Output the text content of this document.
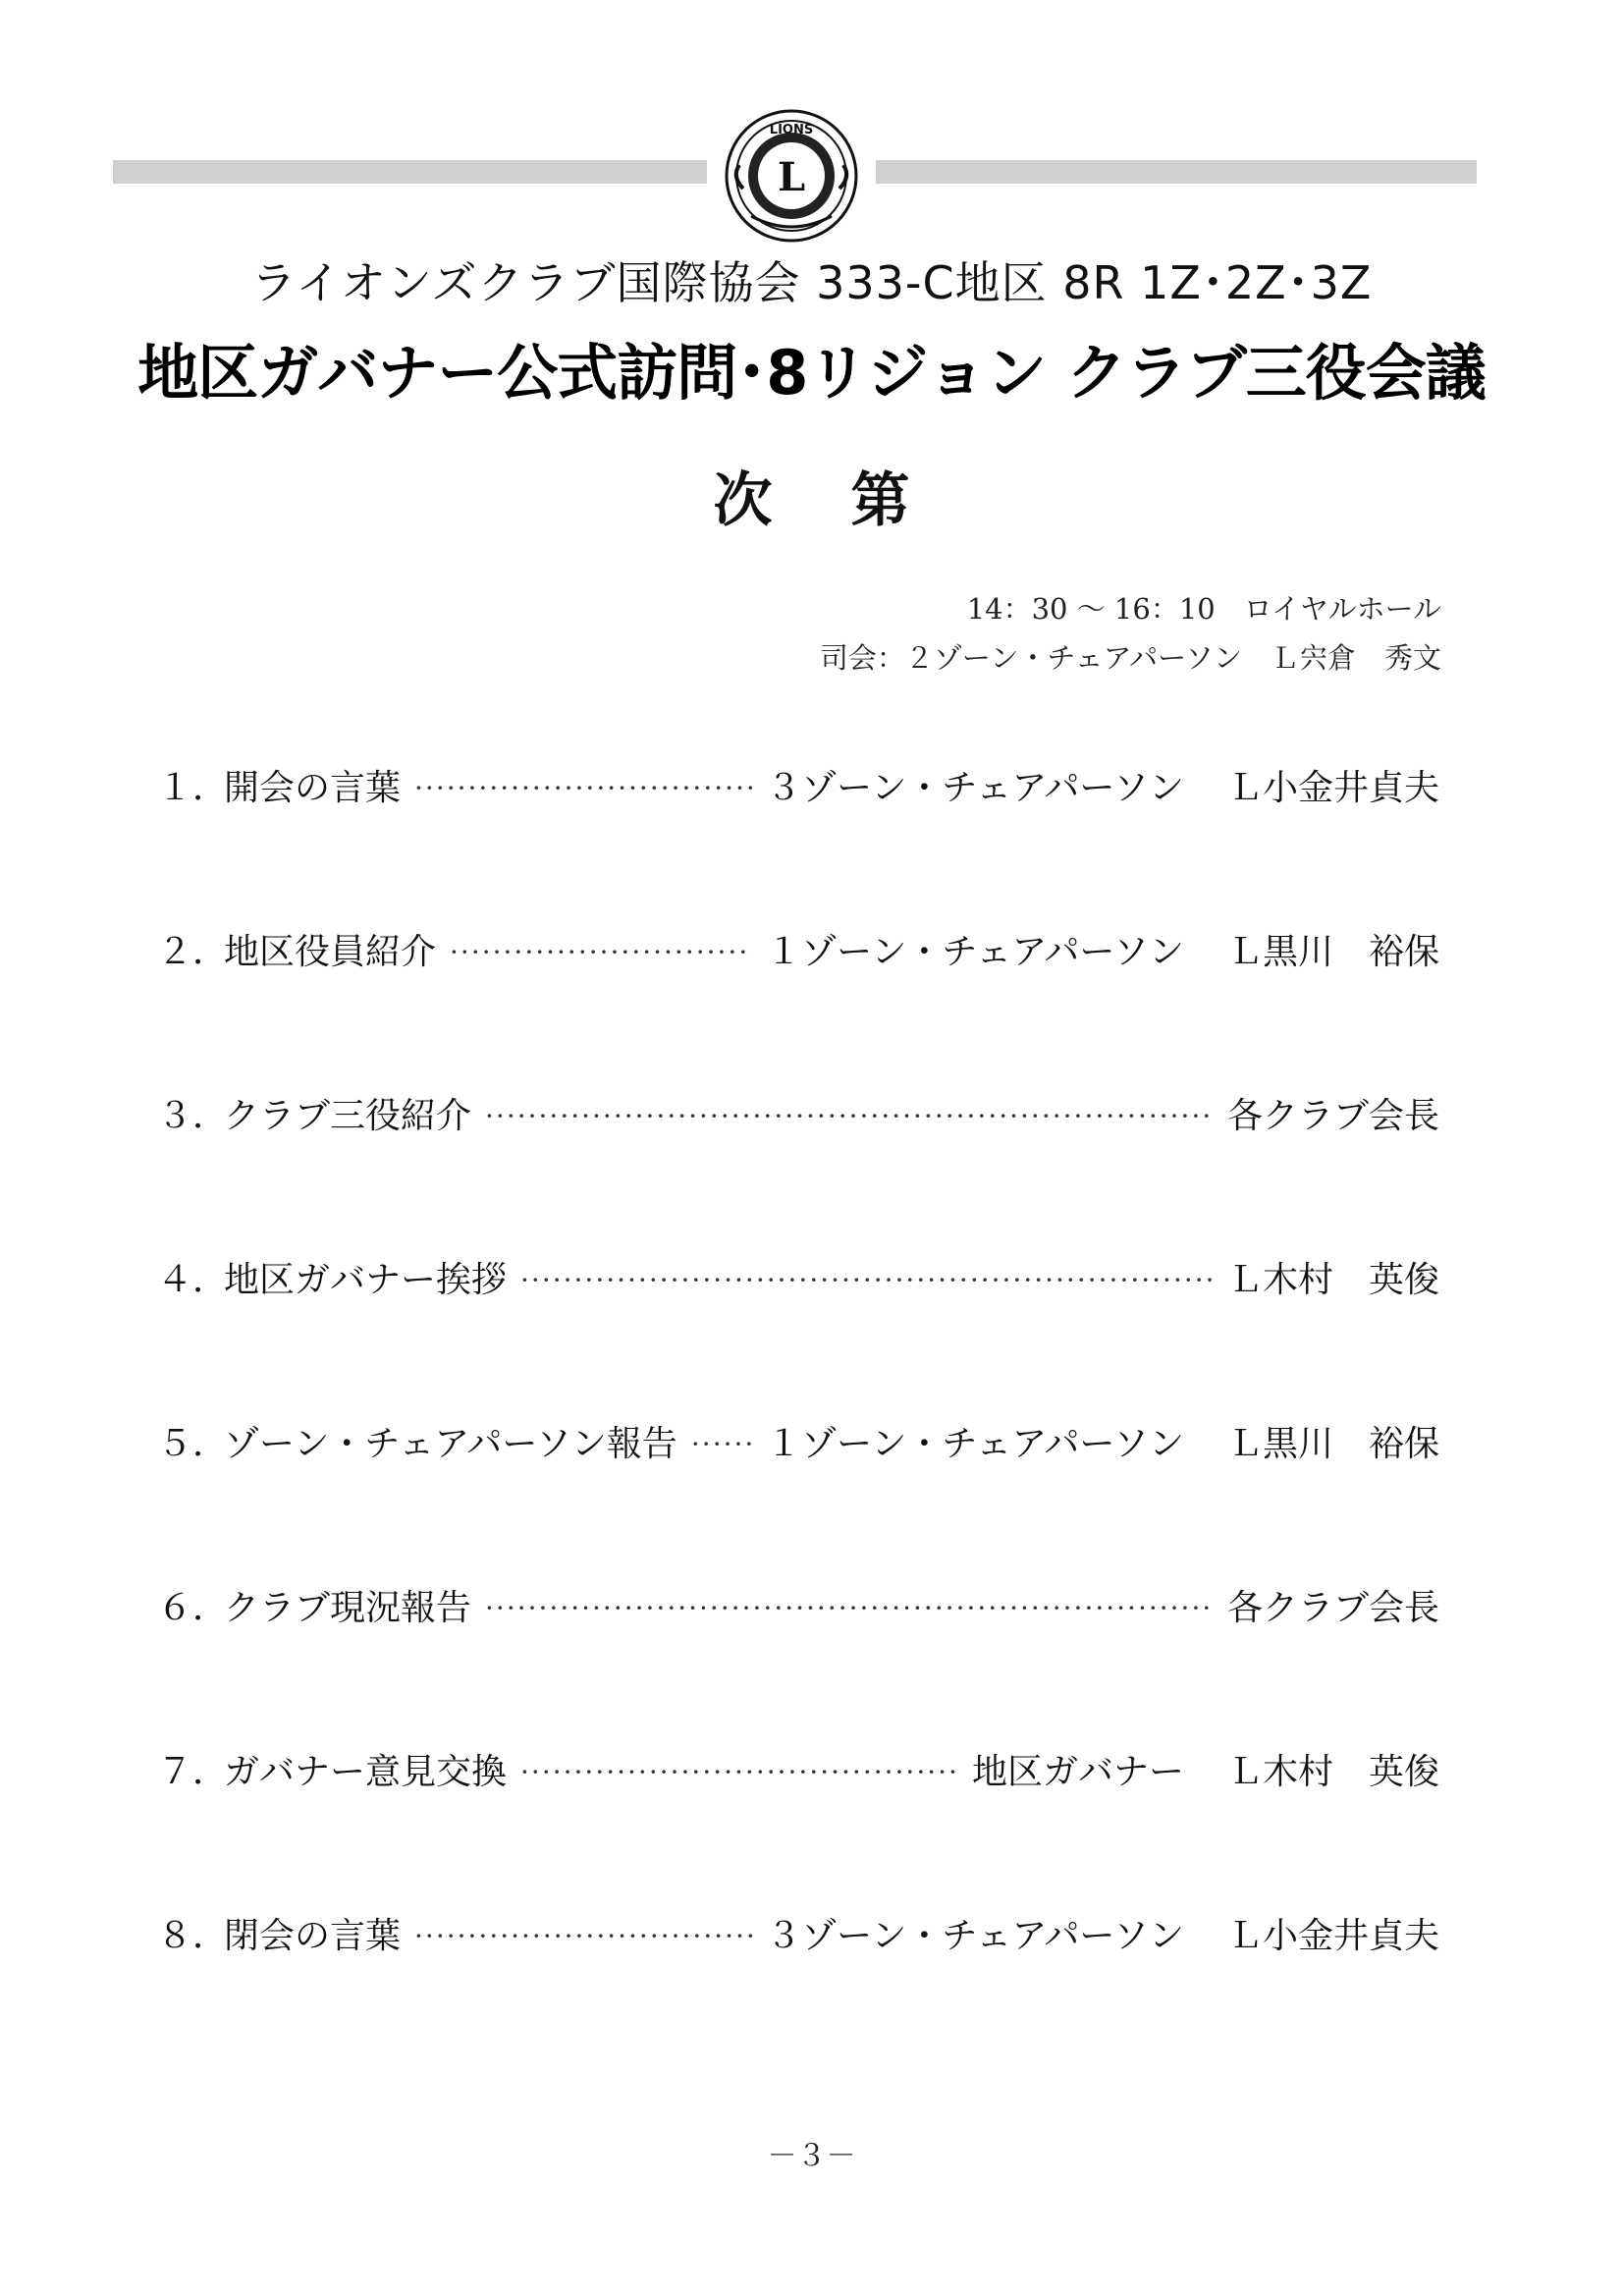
L
LIONS
ライオンズクラブ国際協会 333-C地区 8R 1Z･2Z･3Z
地区ガバナー公式訪問･8リジョン クラブ三役会議
次第
14：30 ～ 16：10　ロイヤルホール
司会：２ゾーン・チェアパーソン　Ｌ宍倉　秀文
１．
開会の言葉 ·····	３ゾーン・チェアパーソン Ｌ小金井貞夫
２．
地区役員紹介 ·····	１ゾーン・チェアパーソン Ｌ黒川　裕保
３．
クラブ三役紹介 ·····	各クラブ会長
４．
地区ガバナー挨拶 ·····	Ｌ木村　英俊
５．
ゾーン・チェアパーソン報告 ·····	１ゾーン・チェアパーソン Ｌ黒川　裕保
６．
クラブ現況報告 ·····	各クラブ会長
７．
ガバナー意見交換 ·····	地区ガバナー Ｌ木村　英俊
８．
閉会の言葉 ·····	３ゾーン・チェアパーソン Ｌ小金井貞夫
－３－
